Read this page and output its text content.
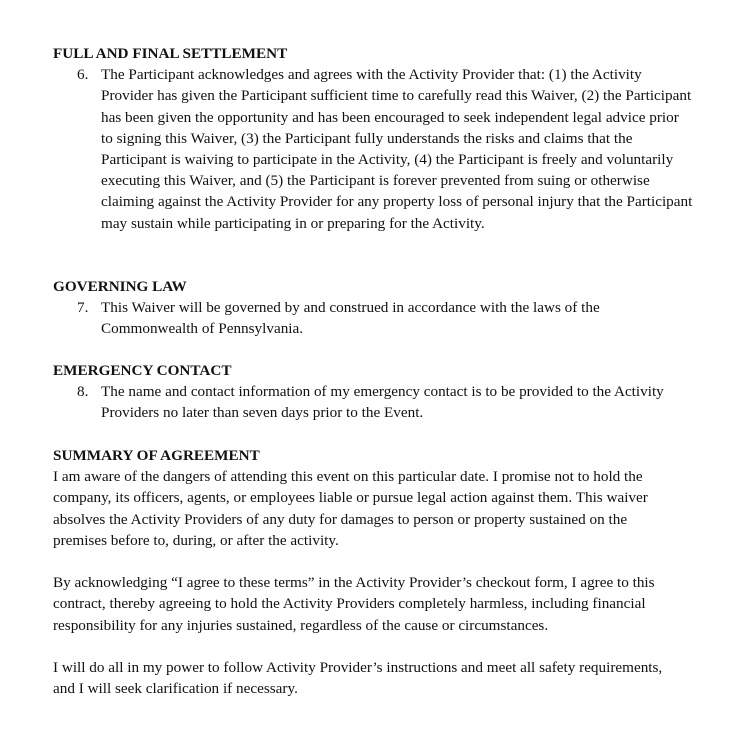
FULL AND FINAL SETTLEMENT

6. The Participant acknowledges and agrees with the Activity Provider that: (1) the Activity Provider has given the Participant sufficient time to carefully read this Waiver, (2) the Participant has been given the opportunity and has been encouraged to seek independent legal advice prior to signing this Waiver, (3) the Participant fully understands the risks and claims that the Participant is waiving to participate in the Activity, (4) the Participant is freely and voluntarily executing this Waiver, and (5) the Participant is forever prevented from suing or otherwise claiming against the Activity Provider for any property loss of personal injury that the Participant may sustain while participating in or preparing for the Activity.

GOVERNING LAW

7. This Waiver will be governed by and construed in accordance with the laws of the Commonwealth of Pennsylvania.

EMERGENCY CONTACT

8. The name and contact information of my emergency contact is to be provided to the Activity Providers no later than seven days prior to the Event.

SUMMARY OF AGREEMENT

I am aware of the dangers of attending this event on this particular date. I promise not to hold the company, its officers, agents, or employees liable or pursue legal action against them. This waiver absolves the Activity Providers of any duty for damages to person or property sustained on the premises before to, during, or after the activity.

By acknowledging “I agree to these terms” in the Activity Provider’s checkout form, I agree to this contract, thereby agreeing to hold the Activity Providers completely harmless, including financial responsibility for any injuries sustained, regardless of the cause or circumstances.

I will do all in my power to follow Activity Provider’s instructions and meet all safety requirements, and I will seek clarification if necessary.
